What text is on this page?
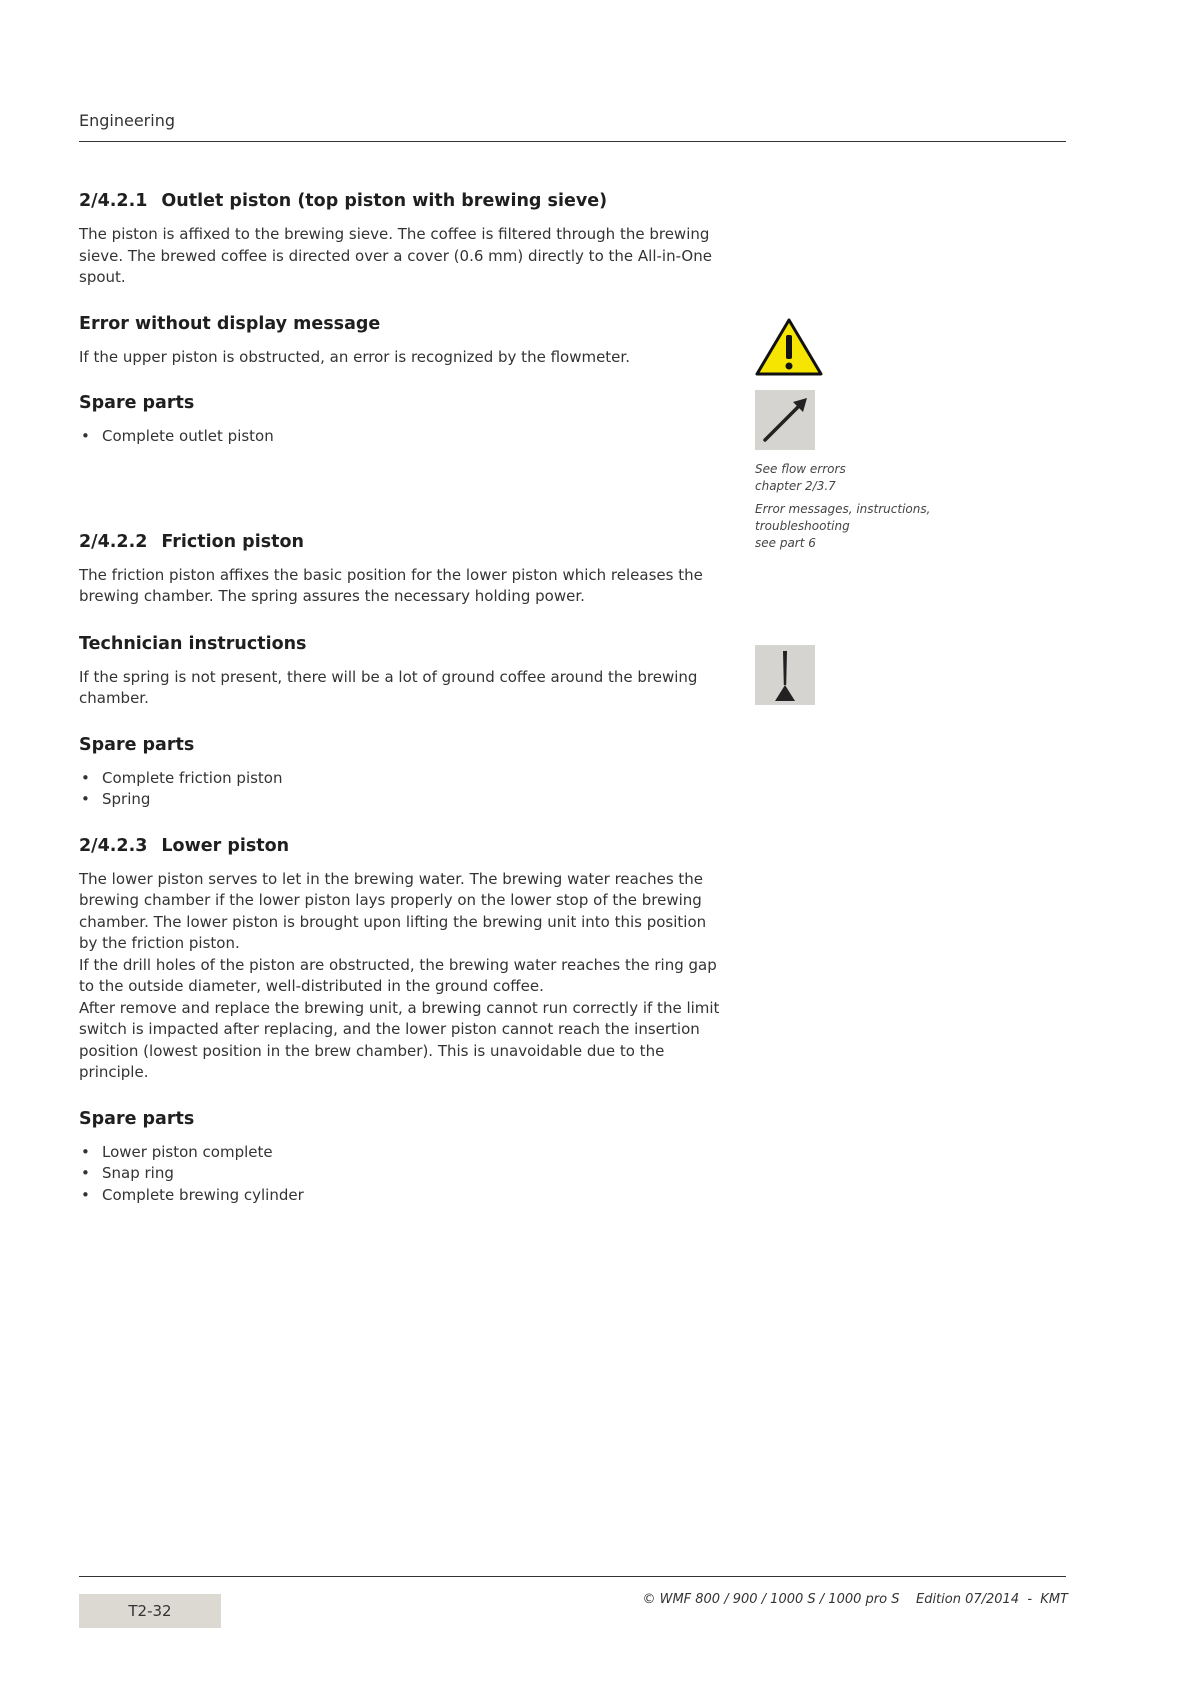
Engineering
2/4.2.1 Outlet piston (top piston with brewing sieve)

The piston is affixed to the brewing sieve. The coffee is filtered through the brewing sieve. The brewed coffee is directed over a cover (0.6 mm) directly to the All-in-One spout.

Error without display message

If the upper piston is obstructed, an error is recognized by the flowmeter.

Spare parts
• Complete outlet piston
2/4.2.2 Friction piston

The friction piston affixes the basic position for the lower piston which releases the brewing chamber. The spring assures the necessary holding power.

Technician instructions

If the spring is not present, there will be a lot of ground coffee around the brewing chamber.

Spare parts
• Complete friction piston
• Spring
2/4.2.3 Lower piston

The lower piston serves to let in the brewing water. The brewing water reaches the brewing chamber if the lower piston lays properly on the lower stop of the brewing chamber. The lower piston is brought upon lifting the brewing unit into this position by the friction piston.

If the drill holes of the piston are obstructed, the brewing water reaches the ring gap to the outside diameter, well-distributed in the ground coffee.

After remove and replace the brewing unit, a brewing cannot run correctly if the limit switch is impacted after replacing, and the lower piston cannot reach the insertion position (lowest position in the brew chamber). This is unavoidable due to the principle.

Spare parts
• Lower piston complete
• Snap ring
• Complete brewing cylinder
See flow errors
chapter 2/3.7
Error messages, instructions, troubleshooting
see part 6
T2-32
© WMF 800 / 900 / 1000 S / 1000 pro S    Edition 07/2014  -  KMT
